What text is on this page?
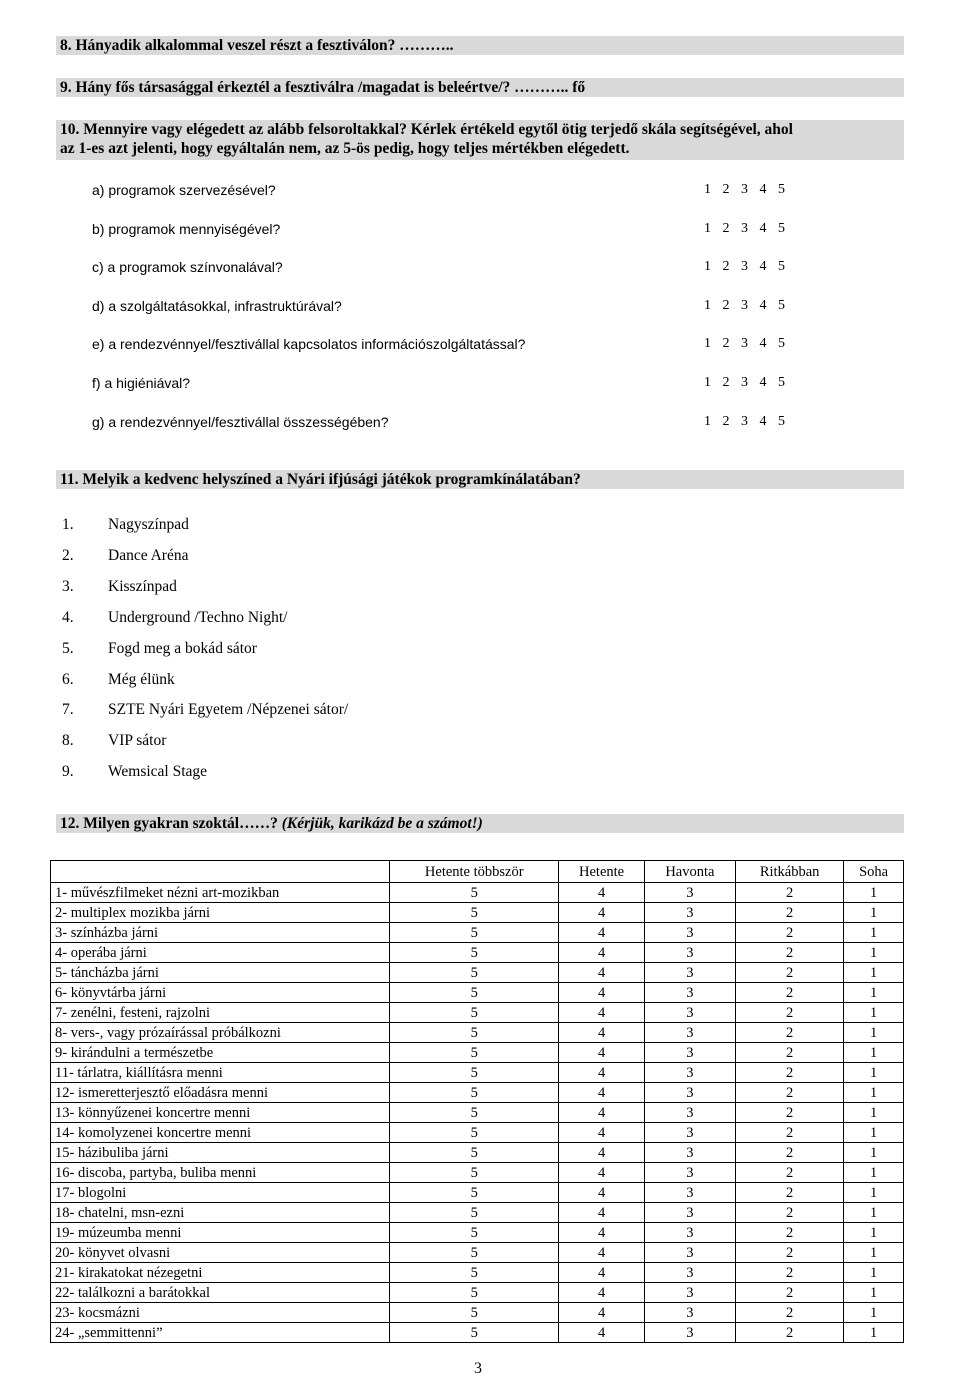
8. Hányadik alkalommal veszel részt a fesztiválon? ………..
9. Hány fős társasággal érkeztél a fesztiválra /magadat is beleértve/? ……….. fő
10. Mennyire vagy elégedett az alább felsoroltakkal? Kérlek értékeld egytől ötig terjedő skála segítségével, ahol
az 1-es azt jelenti, hogy egyáltalán nem, az 5-ös pedig, hogy teljes mértékben elégedett.
a) programok szervezésével?	1 2 3 4 5
b) programok mennyiségével?	1 2 3 4 5
c) a programok színvonalával?	1 2 3 4 5
d) a szolgáltatásokkal, infrastruktúrával?	1 2 3 4 5
e) a rendezvénnyel/fesztivállal kapcsolatos információszolgáltatással?	1 2 3 4 5
f) a higiéniával?	1 2 3 4 5
g) a rendezvénnyel/fesztivállal összességében?	1 2 3 4 5
11. Melyik a kedvenc helyszíned a Nyári ifjúsági játékok programkínálatában?
1. Nagyszínpad
2. Dance Aréna
3. Kisszínpad
4. Underground /Techno Night/
5. Fogd meg a bokád sátor
6. Még élünk
7. SZTE Nyári Egyetem /Népzenei sátor/
8. VIP sátor
9. Wemsical Stage
12. Milyen gyakran szoktál……? (Kérjük, karikázd be a számot!)
	Hetente többször	Hetente	Havonta	Ritkábban	Soha
1- művészfilmeket nézni art-mozikban	5	4	3	2	1
2- multiplex mozikba járni	5	4	3	2	1
3- színházba járni	5	4	3	2	1
4- operába járni	5	4	3	2	1
5- táncházba járni	5	4	3	2	1
6- könyvtárba járni	5	4	3	2	1
7- zenélni, festeni, rajzolni	5	4	3	2	1
8- vers-, vagy prózaírással próbálkozni	5	4	3	2	1
9- kirándulni a természetbe	5	4	3	2	1
11- tárlatra, kiállításra menni	5	4	3	2	1
12- ismeretterjesztő előadásra menni	5	4	3	2	1
13- könnyűzenei koncertre menni	5	4	3	2	1
14- komolyzenei koncertre menni	5	4	3	2	1
15- házibuliba járni	5	4	3	2	1
16- discoba, partyba, buliba menni	5	4	3	2	1
17- blogolni	5	4	3	2	1
18- chatelni, msn-ezni	5	4	3	2	1
19- múzeumba menni	5	4	3	2	1
20- könyvet olvasni	5	4	3	2	1
21- kirakatokat nézegetni	5	4	3	2	1
22- találkozni a barátokkal	5	4	3	2	1
23- kocsmázni	5	4	3	2	1
24- „semmittenni”	5	4	3	2	1
3
